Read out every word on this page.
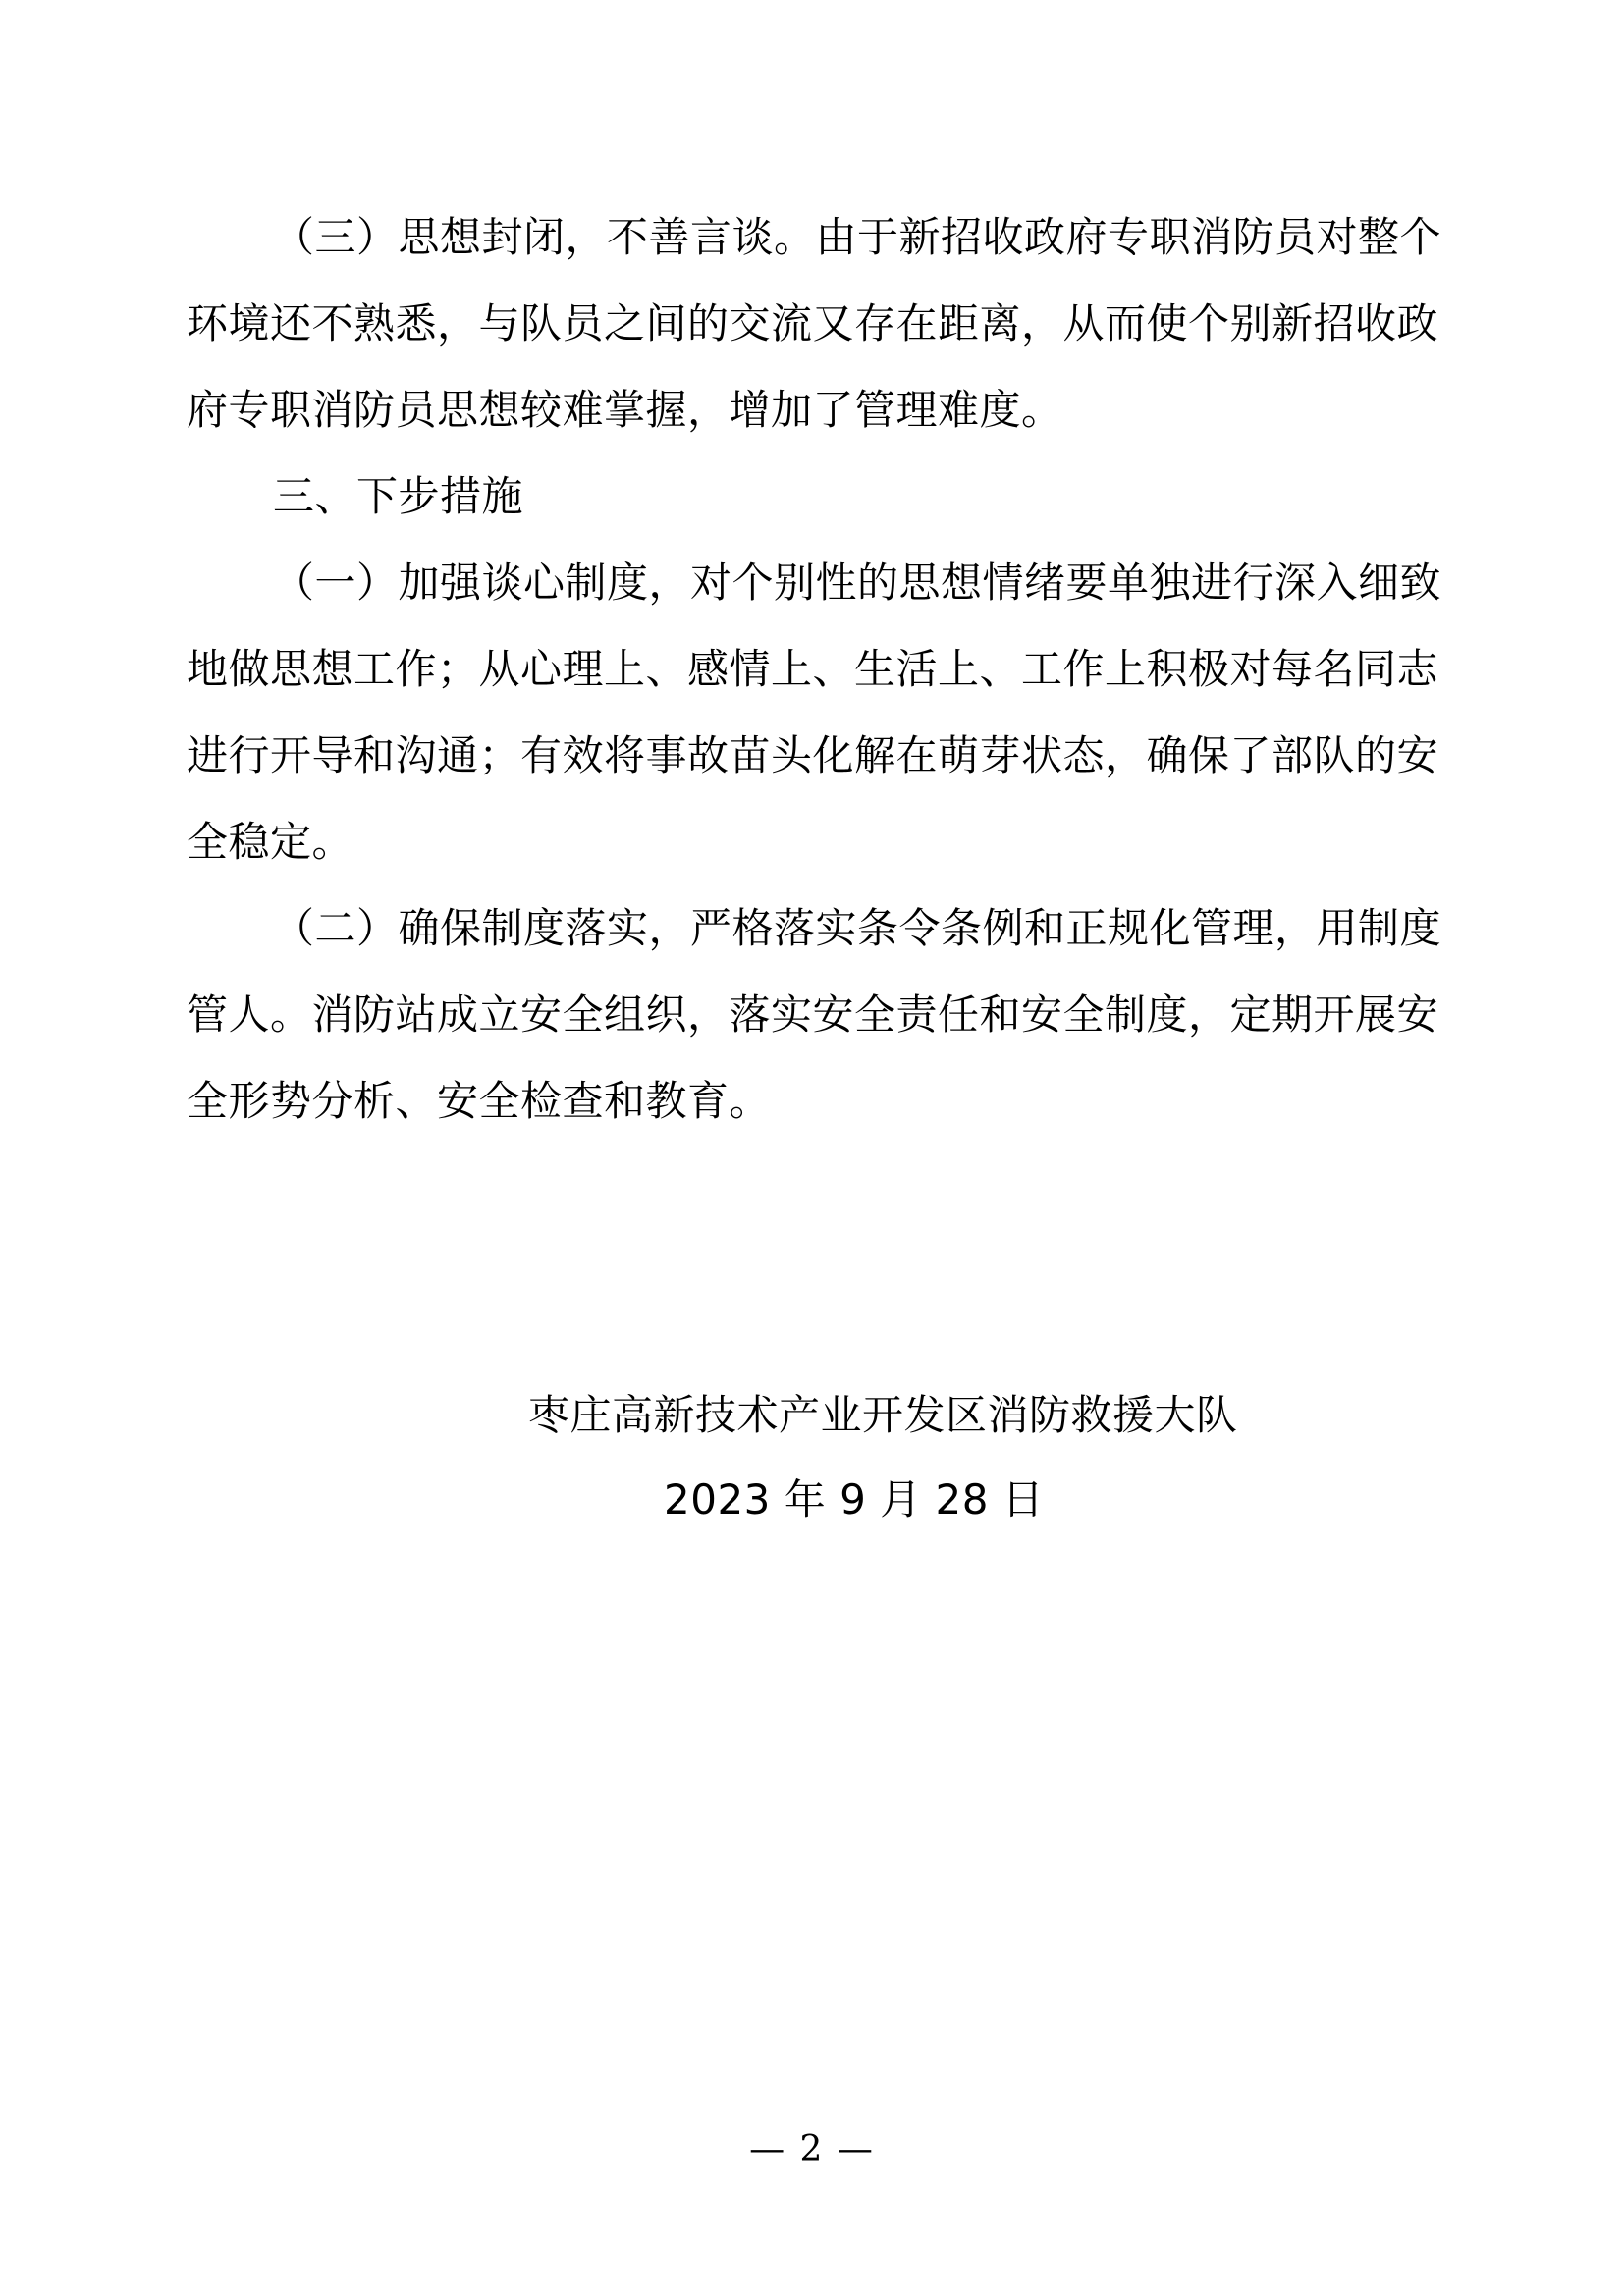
（三）思想封闭，不善言谈。由于新招收政府专职消防员对整个环境还不熟悉，与队员之间的交流又存在距离，从而使个别新招收政府专职消防员思想较难掌握，增加了管理难度。

三、下步措施

（一）加强谈心制度，对个别性的思想情绪要单独进行深入细致地做思想工作；从心理上、感情上、生活上、工作上积极对每名同志进行开导和沟通；有效将事故苗头化解在萌芽状态，确保了部队的安全稳定。

（二）确保制度落实，严格落实条令条例和正规化管理，用制度管人。消防站成立安全组织，落实安全责任和安全制度，定期开展安全形势分析、安全检查和教育。

枣庄高新技术产业开发区消防救援大队
2023 年 9 月 28 日
— 2 —
